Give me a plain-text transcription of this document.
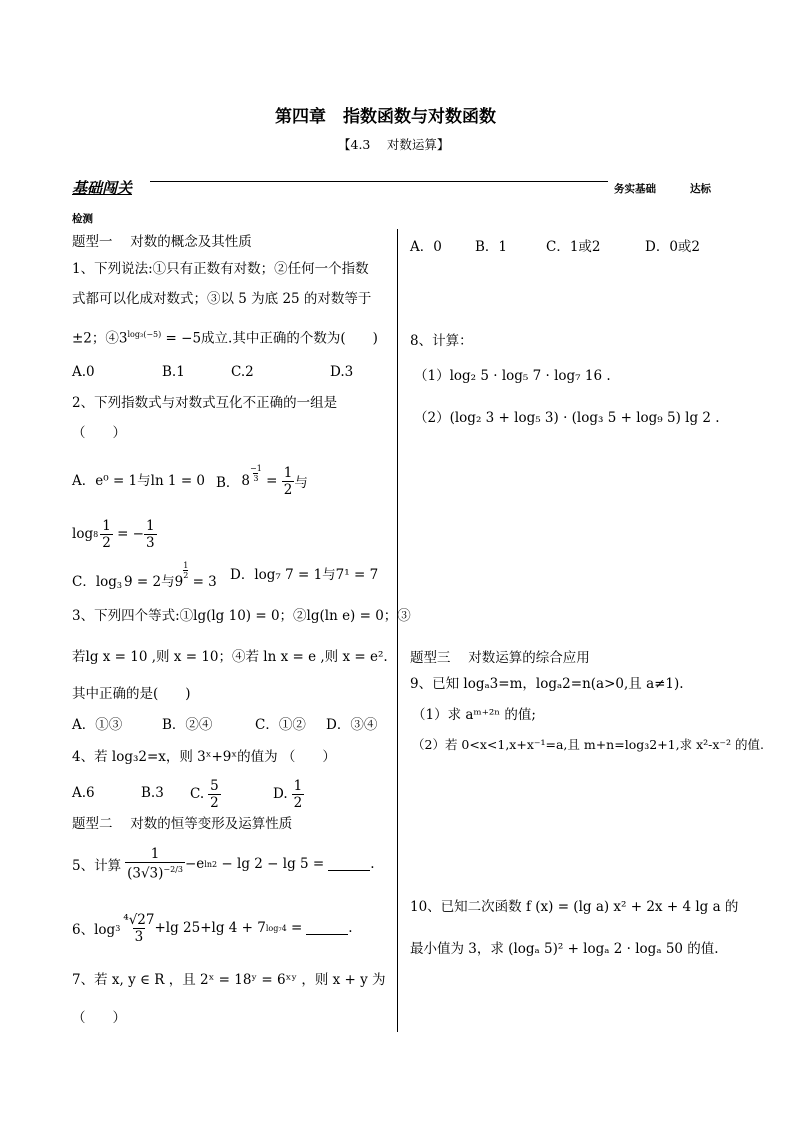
第四章　指数函数与对数函数
【4.3　 对数运算】
基础闯关	务实基础	达标
检测
题型一　 对数的概念及其性质
1、下列说法:①只有正数有对数；②任何一个指数
式都可以化成对数式；③以 5 为底 25 的对数等于
±2；$④3^{log_3(-5)} = -5$成立.其中正确的个数为(　　)
A.0	B.1	C.2	D.3
2、下列指数式与对数式互化不正确的一组是
（　　）
A．e⁰ = 1与ln 1 = 0 B． $8 \frac{- 1}{3} = \frac{1}{2}$ 与
$\log 8 \frac{1}{2}$ = − $\frac{1}{3}$
C．$\log_3 9 = 2$与 9
$\frac{1}{2}$
= 3 D．log₇ 7 = 1与7¹ = 7
3、下列四个等式:①lg(lg 10) = 0；②lg(ln e) = 0；③
若lg x = 10 ,则 x = 10；④若 ln x = e ,则 x = e².
其中正确的是(　　)
A．①③	B．②④	C．①② D．③④
4、若 log₃2=x，则 3ˣ+9ˣ的值为 （　　）
A.6	B.3 C. $\frac{5}{2}$	D. $\frac{1}{2}$
题型二　 对数的恒等变形及运算性质
5、计算 $\frac{1}{(3√3)^{-2/3}} -e$ ln2 − lg 2 − lg 5 =	.
6、$\log 3 \frac{\text{⁴√27}}{3} +\lg$ 25+lg 4 + 7 log₇4 =	.
7、若 x, y ∈ R ，且 2ˣ = 18ʸ = 6ˣʸ ，则 x + y 为
（　　）
A．0 B．1	C．1或2	D．0或2
8、计算：
（1）log₂ 5 · log₅ 7 · log₇ 16 .
（2）(log₂ 3 + log₅ 3) · (log₃ 5 + log₉ 5) lg 2 .
题型三　 对数运算的综合应用
9、已知 logₐ3=m，logₐ2=n(a>0,且 a≠1).
（1）求 aᵐ⁺²ⁿ 的值;
（2）若 0<x<1,x+x⁻¹=a,且 m+n=log₃2+1,求 x²-x⁻² 的值.
10、已知二次函数 f (x) = (lg a) x² + 2x + 4 lg a 的
最小值为 3，求 (logₐ 5)² + logₐ 2 · logₐ 50 的值.
